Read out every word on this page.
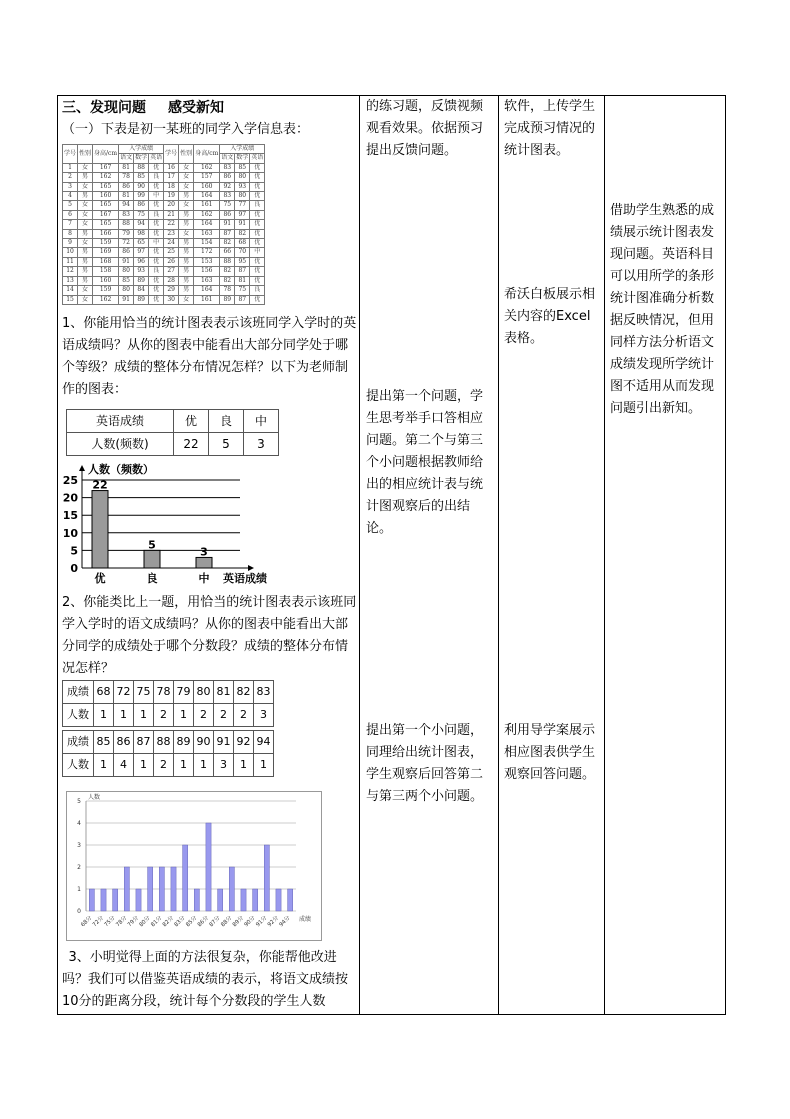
三、发现问题 感受新知

（一）下表是初一某班的同学入学信息表：

学号	性别	身高/cm	入学成绩			学号	性别	身高/cm	入学成绩		
			语文	数学	英语				语文	数学	英语
1	女	167	81	88	优	16	女	162	83	85	优
2	男	162	78	85	良	17	女	157	86	80	优
3	女	165	86	90	优	18	女	160	92	93	优
4	男	160	81	99	中	19	男	164	83	80	优
5	女	165	94	86	优	20	女	161	75	77	良
6	女	167	83	75	良	21	男	162	86	97	优
7	女	165	88	94	优	22	男	164	91	91	优
8	男	166	79	98	优	23	女	163	87	82	优
9	女	159	72	65	中	24	男	154	82	68	优
10	男	169	86	97	优	25	男	172	66	70	中
11	男	168	91	96	优	26	男	153	88	95	优
12	男	158	80	93	良	27	男	156	82	87	优
13	男	160	85	89	优	28	男	163	82	81	优
14	女	159	80	84	优	29	男	164	78	75	良
15	女	162	91	89	优	30	女	161	89	87	优

1、你能用恰当的统计图表表示该班同学入学时的英语成绩吗？从你的图表中能看出大部分同学处于哪个等级？成绩的整体分布情况怎样？以下为老师制作的图表：

英语成绩	优	良	中
人数(频数)	22	5	3
0
5
10
15
20
25
人数（频数）
英语成绩
22
优
5
良
3
中

2、你能类比上一题，用恰当的统计图表表示该班同学入学时的语文成绩吗？从你的图表中能看出大部分同学的成绩处于哪个分数段？成绩的整体分布情况怎样？

成绩	68	72	75	78	79	80	81	82	83
人数	1	1	1	2	1	2	2	2	3
成绩	85	86	87	88	89	90	91	92	94
人数	1	4	1	2	1	1	3	1	1
0
1
2
3
4
5
人数
成绩
68分
72分
75分
78分
79分
80分
81分
82分
83分
85分
86分
87分
88分
89分
90分
91分
92分
94分

3、小明觉得上面的方法很复杂，你能帮他改进吗？我们可以借鉴英语成绩的表示，将语文成绩按10分的距离分段，统计每个分数段的学生人数

的练习题，反馈视频观看效果。依据预习提出反馈问题。
提出第一个问题，学生思考举手口答相应问题。第二个与第三个小问题根据教师给出的相应统计表与统计图观察后的出结论。
提出第一个小问题，同理给出统计图表，学生观察后回答第二与第三两个小问题。
软件，上传学生完成预习情况的统计图表。
希沃白板展示相关内容的Excel表格。
利用导学案展示相应图表供学生观察回答问题。
借助学生熟悉的成绩展示统计图表发现问题。英语科目可以用所学的条形统计图准确分析数据反映情况，但用同样方法分析语文成绩发现所学统计图不适用从而发现问题引出新知。
